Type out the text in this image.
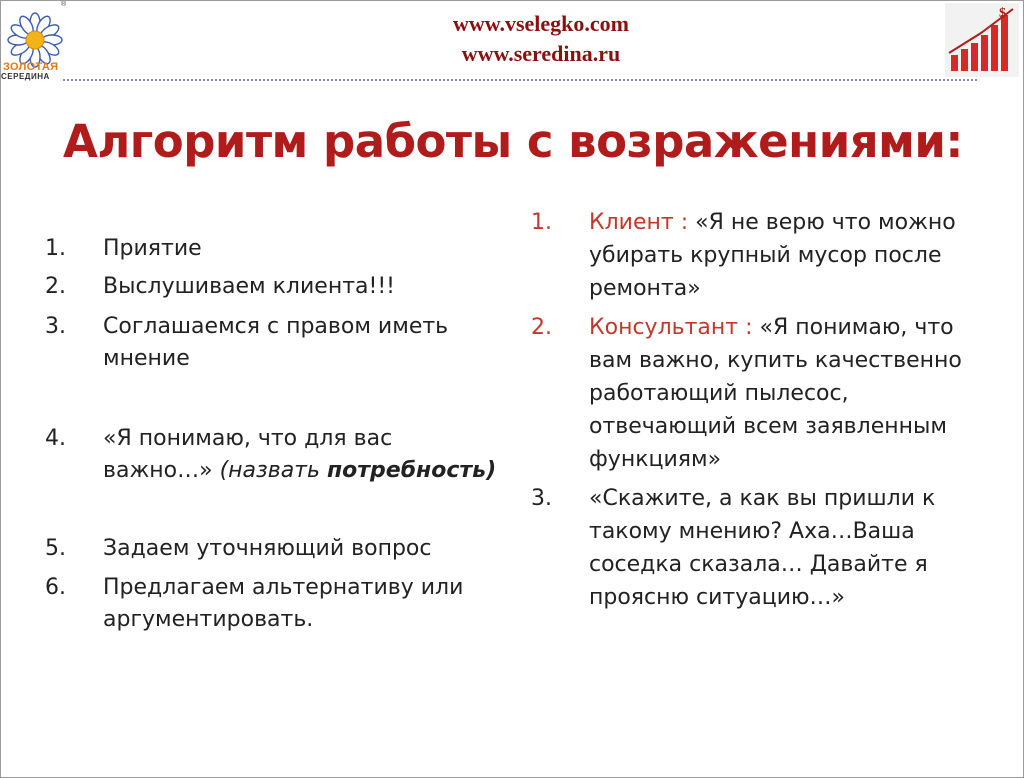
®
ЗОЛОТАЯ
СЕРЕДИНА
www.vselegko.com
www.seredina.ru
$
Алгоритм работы с возражениями:
1. Приятие
2. Выслушиваем клиента!!!
3. Соглашаемся с правом иметь мнение
4. «Я понимаю, что для вас важно…» (назвать потребность)
5. Задаем уточняющий вопрос
6. Предлагаем альтернативу или аргументировать.
1. Клиент : «Я не верю что можно убирать крупный мусор после ремонта»
2. Консультант : «Я понимаю, что вам важно, купить качественно работающий пылесос, отвечающий всем заявленным функциям»
3. «Скажите, а как вы пришли к такому мнению? Аха…Ваша соседка сказала… Давайте я проясню ситуацию…»
